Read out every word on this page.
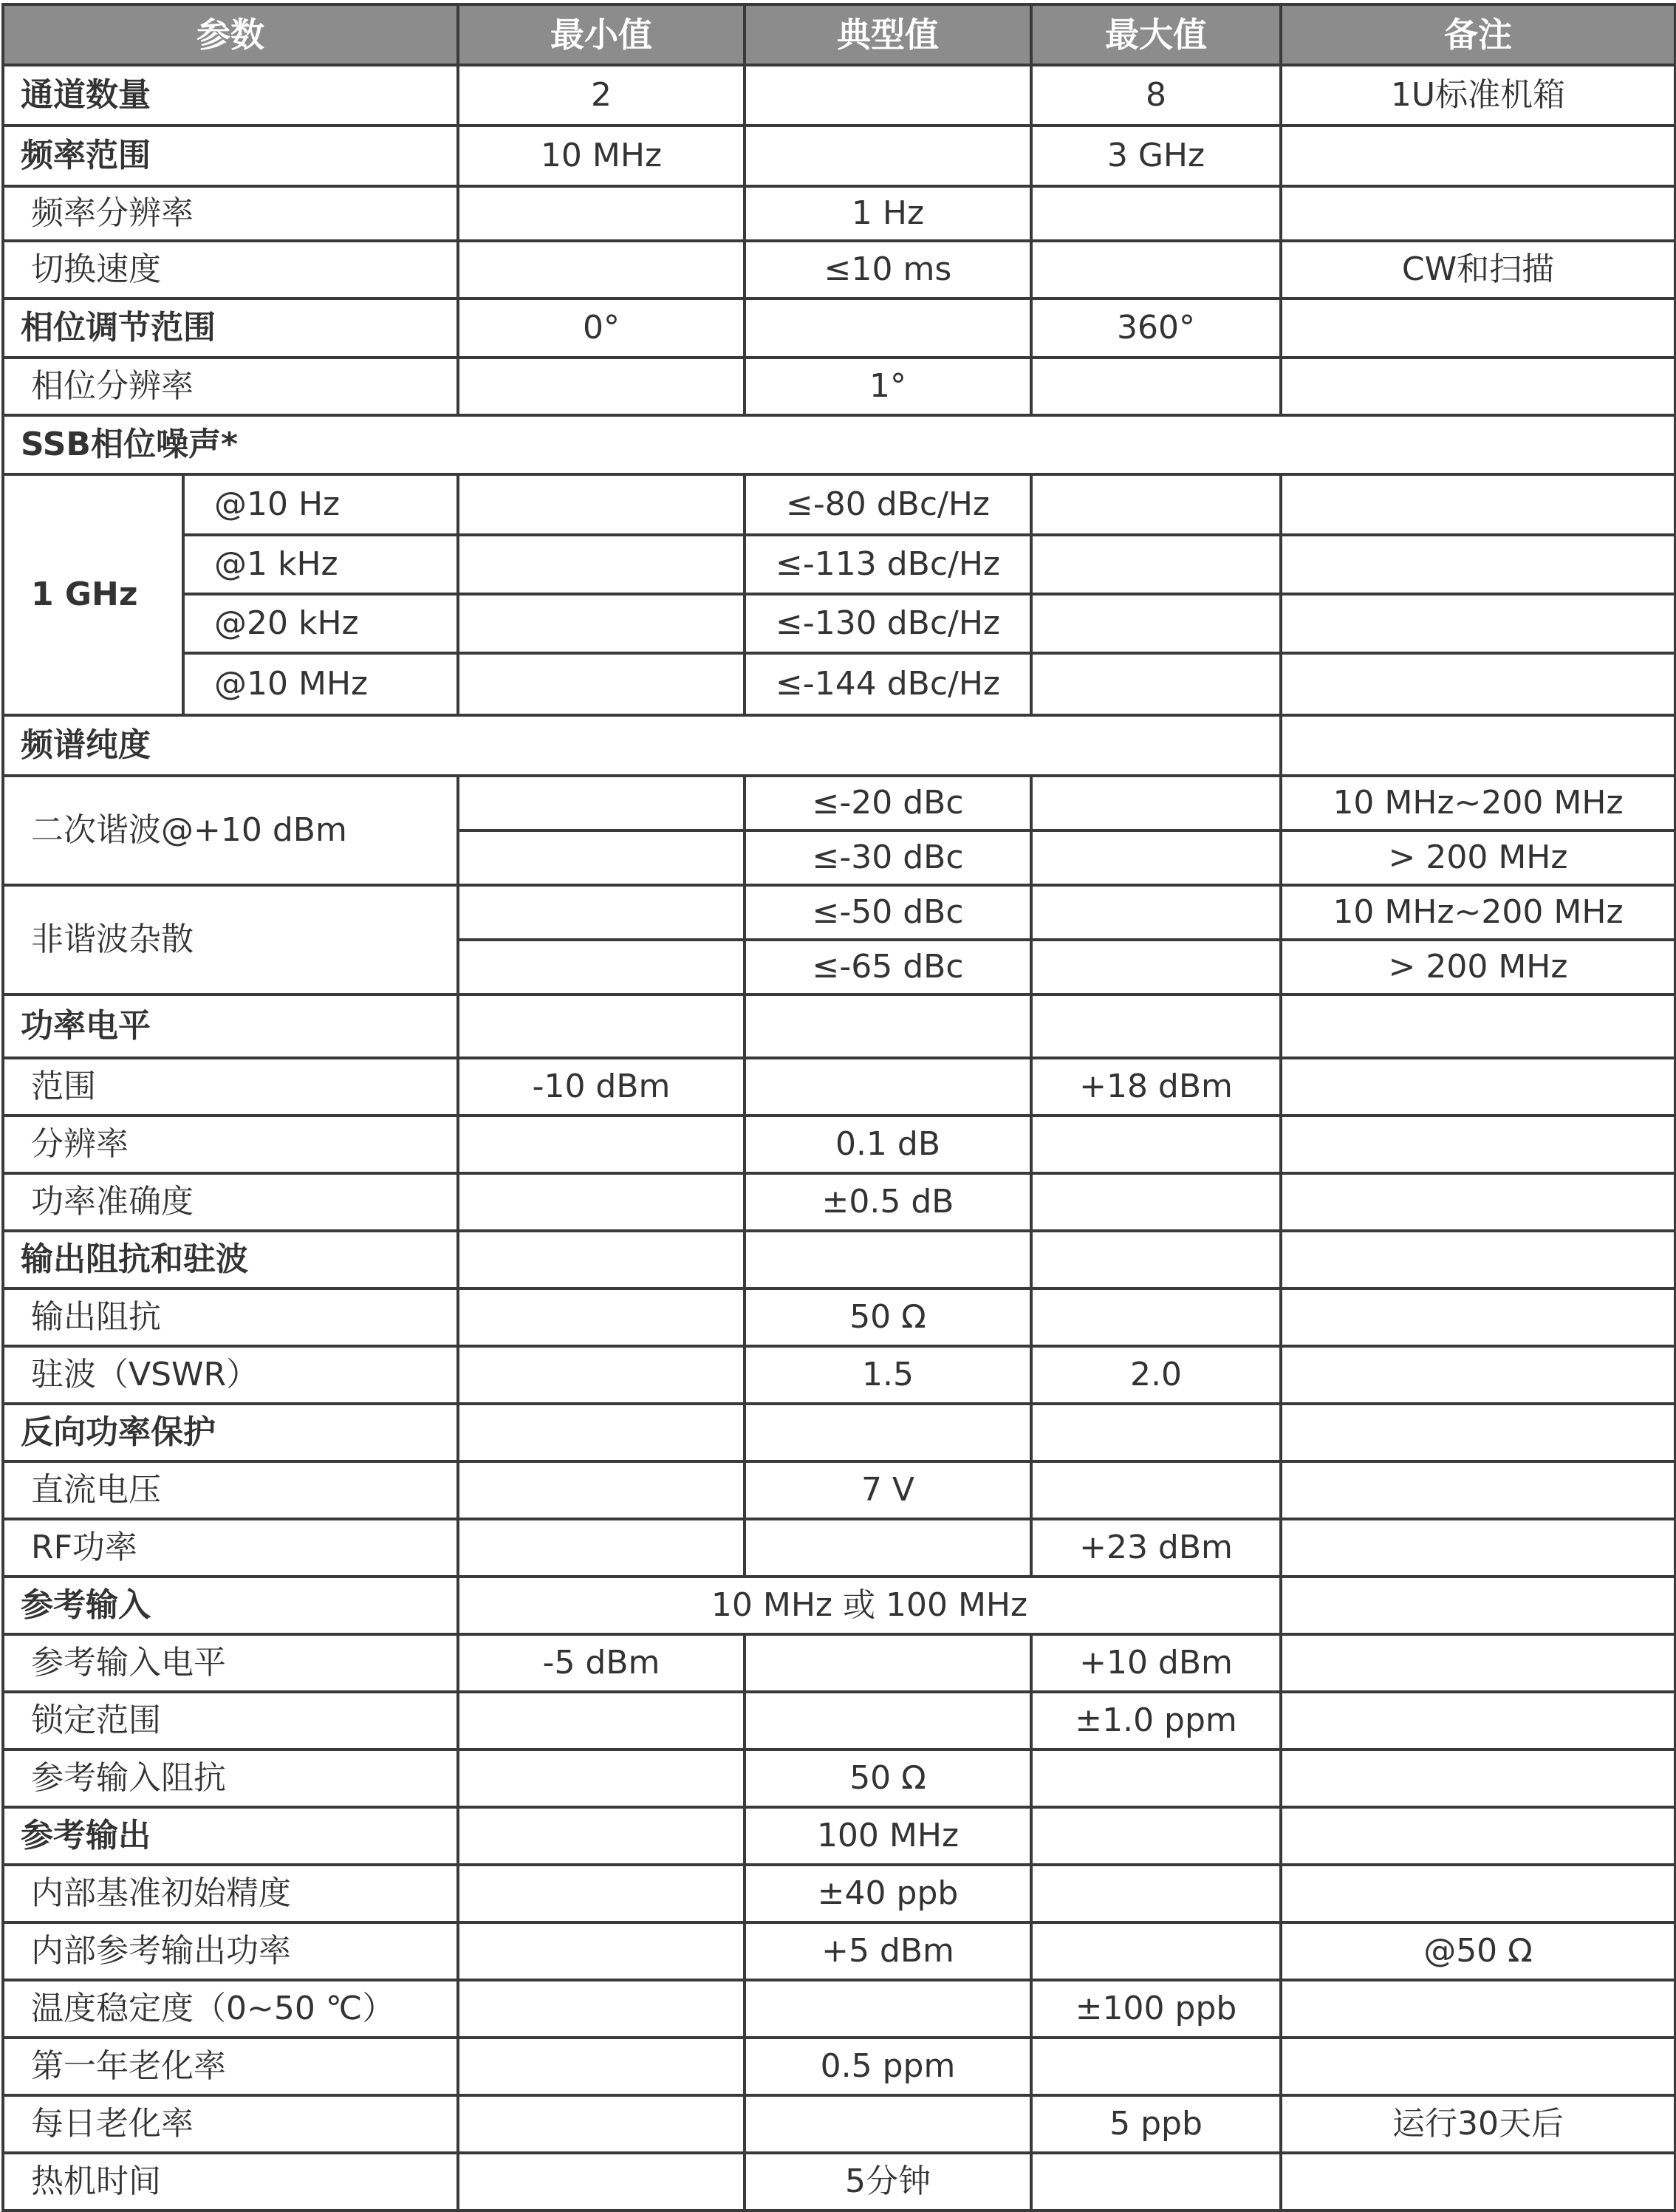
参数		最小值	典型值	最大值	备注
通道数量		2		8	1U标准机箱
频率范围		10 MHz		3 GHz	
频率分辨率			1 Hz		
切换速度			≤10 ms		CW和扫描
相位调节范围		0°		360°	
相位分辨率			1°		
SSB相位噪声*					
1 GHz	@10 Hz		≤-80 dBc/Hz		
	@1 kHz		≤-113 dBc/Hz		
	@20 kHz		≤-130 dBc/Hz		
	@10 MHz		≤-144 dBc/Hz		
频谱纯度					
二次谐波@+10 dBm			≤-20 dBc		10 MHz~200 MHz
			≤-30 dBc		> 200 MHz
非谐波杂散			≤-50 dBc		10 MHz~200 MHz
			≤-65 dBc		> 200 MHz
功率电平					
范围		-10 dBm		+18 dBm	
分辨率			0.1 dB		
功率准确度			±0.5 dB		
输出阻抗和驻波					
输出阻抗			50 Ω		
驻波（VSWR）			1.5	2.0	
反向功率保护					
直流电压			7 V		
RF功率				+23 dBm	
参考输入		10 MHz 或 100 MHz			
参考输入电平		-5 dBm		+10 dBm	
锁定范围				±1.0 ppm	
参考输入阻抗			50 Ω		
参考输出			100 MHz		
内部基准初始精度			±40 ppb		
内部参考输出功率			+5 dBm		@50 Ω
温度稳定度（0~50 ℃）				±100 ppb	
第一年老化率			0.5 ppm		
每日老化率				5 ppb	运行30天后
热机时间			5分钟		
